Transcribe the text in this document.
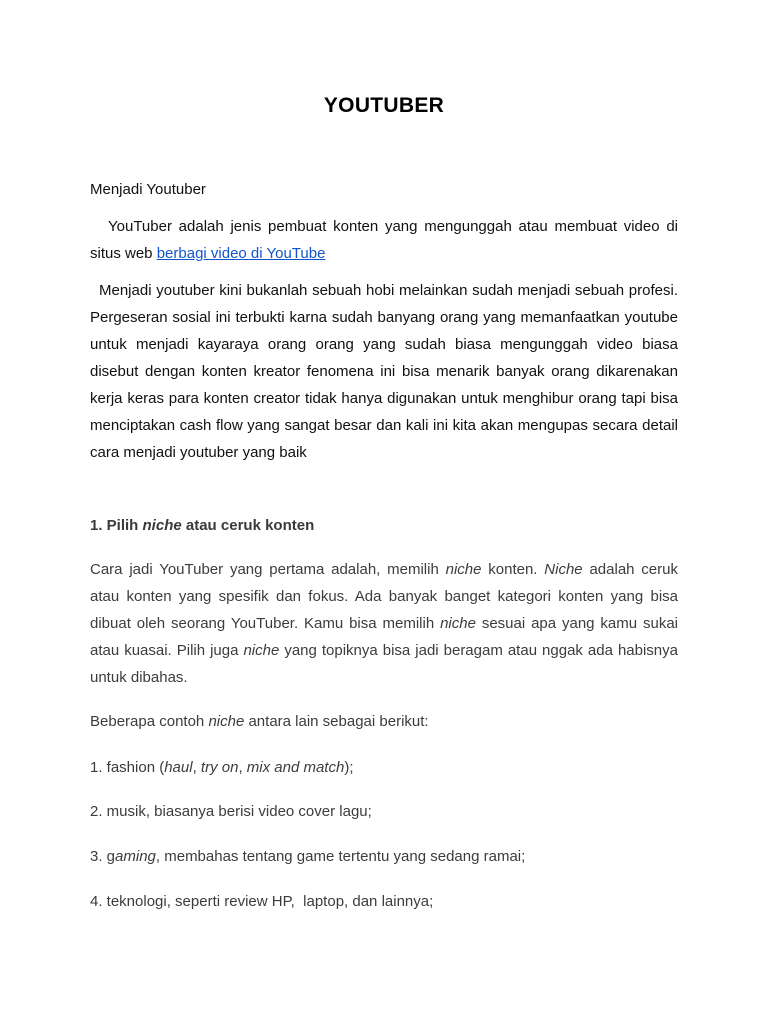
YOUTUBER
Menjadi Youtuber
YouTuber adalah jenis pembuat konten yang mengunggah atau membuat video di situs web berbagi video di YouTube
Menjadi youtuber kini bukanlah sebuah hobi melainkan sudah menjadi sebuah profesi. Pergeseran sosial ini terbukti karna sudah banyang orang yang memanfaatkan youtube untuk menjadi kayaraya orang orang yang sudah biasa mengunggah video biasa disebut dengan konten kreator fenomena ini bisa menarik banyak orang dikarenakan kerja keras para konten creator tidak hanya digunakan untuk menghibur orang tapi bisa menciptakan cash flow yang sangat besar dan kali ini kita akan mengupas secara detail cara menjadi youtuber yang baik
1. Pilih niche atau ceruk konten
Cara jadi YouTuber yang pertama adalah, memilih niche konten. Niche adalah ceruk atau konten yang spesifik dan fokus. Ada banyak banget kategori konten yang bisa dibuat oleh seorang YouTuber. Kamu bisa memilih niche sesuai apa yang kamu sukai atau kuasai. Pilih juga niche yang topiknya bisa jadi beragam atau nggak ada habisnya untuk dibahas.
Beberapa contoh niche antara lain sebagai berikut:
1. fashion (haul, try on, mix and match);
2. musik, biasanya berisi video cover lagu;
3. gaming, membahas tentang game tertentu yang sedang ramai;
4. teknologi, seperti review HP,  laptop, dan lainnya;
